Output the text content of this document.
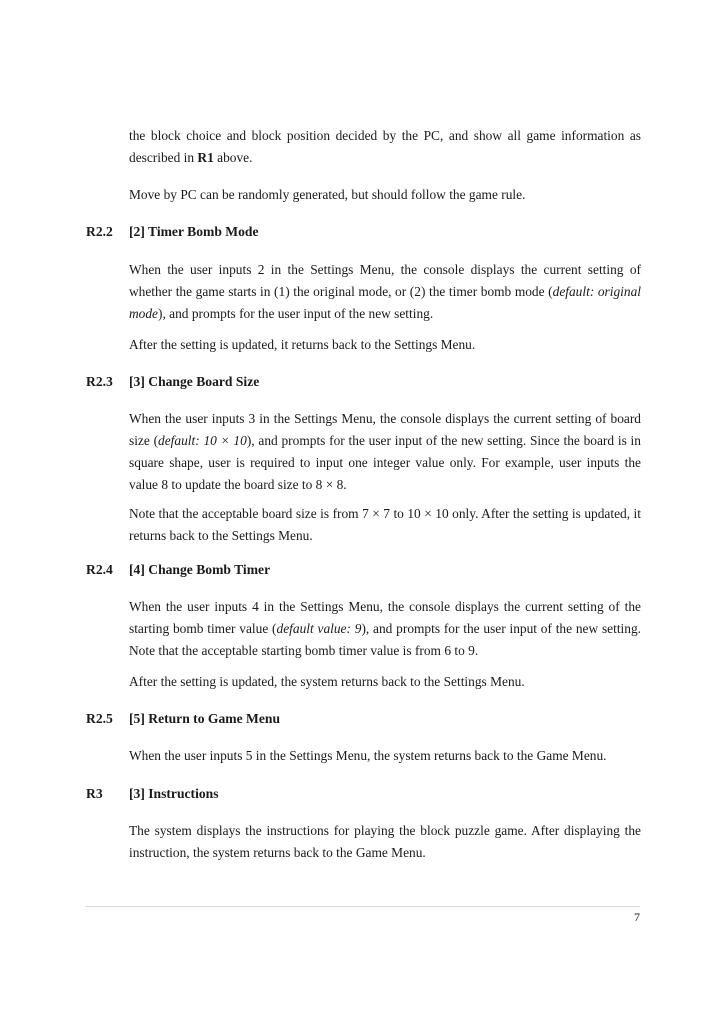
the block choice and block position decided by the PC, and show all game information as described in R1 above.

Move by PC can be randomly generated, but should follow the game rule.

R2.2 [2] Timer Bomb Mode

When the user inputs 2 in the Settings Menu, the console displays the current setting of whether the game starts in (1) the original mode, or (2) the timer bomb mode (default: original mode), and prompts for the user input of the new setting.

After the setting is updated, it returns back to the Settings Menu.

R2.3 [3] Change Board Size

When the user inputs 3 in the Settings Menu, the console displays the current setting of board size (default: 10 × 10), and prompts for the user input of the new setting. Since the board is in square shape, user is required to input one integer value only. For example, user inputs the value 8 to update the board size to 8 × 8.

Note that the acceptable board size is from 7 × 7 to 10 × 10 only. After the setting is updated, it returns back to the Settings Menu.

R2.4 [4] Change Bomb Timer

When the user inputs 4 in the Settings Menu, the console displays the current setting of the starting bomb timer value (default value: 9), and prompts for the user input of the new setting. Note that the acceptable starting bomb timer value is from 6 to 9.

After the setting is updated, the system returns back to the Settings Menu.

R2.5 [5] Return to Game Menu

When the user inputs 5 in the Settings Menu, the system returns back to the Game Menu.

R3 [3] Instructions

The system displays the instructions for playing the block puzzle game. After displaying the instruction, the system returns back to the Game Menu.

7
